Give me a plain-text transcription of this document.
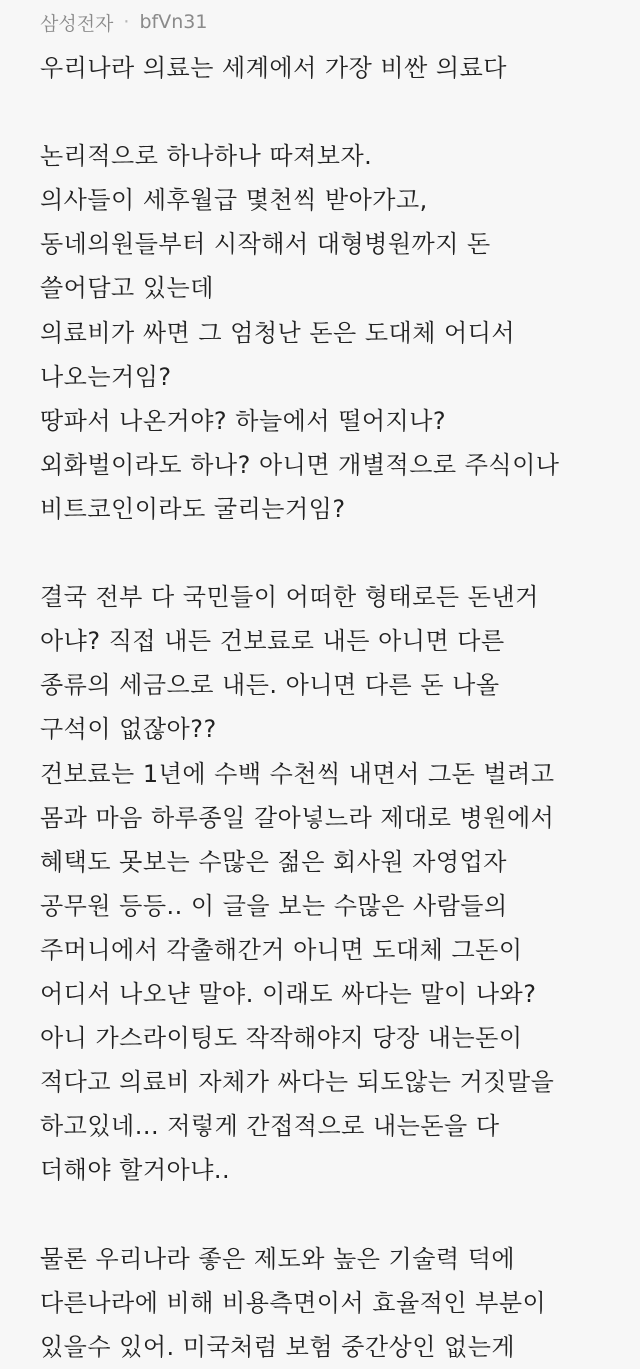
삼성전자 · bfVn31
우리나라 의료는 세계에서 가장 비싼 의료다
논리적으로 하나하나 따져보자.
의사들이 세후월급 몇천씩 받아가고,
동네의원들부터 시작해서 대형병원까지 돈
쓸어담고 있는데
의료비가 싸면 그 엄청난 돈은 도대체 어디서
나오는거임?
땅파서 나온거야? 하늘에서 떨어지나?
외화벌이라도 하나? 아니면 개별적으로 주식이나
비트코인이라도 굴리는거임?
결국 전부 다 국민들이 어떠한 형태로든 돈낸거
아냐? 직접 내든 건보료로 내든 아니면 다른
종류의 세금으로 내든. 아니면 다른 돈 나올
구석이 없잖아??
건보료는 1년에 수백 수천씩 내면서 그돈 벌려고
몸과 마음 하루종일 갈아넣느라 제대로 병원에서
혜택도 못보는 수많은 젊은 회사원 자영업자
공무원 등등.. 이 글을 보는 수많은 사람들의
주머니에서 각출해간거 아니면 도대체 그돈이
어디서 나오냔 말야. 이래도 싸다는 말이 나와?
아니 가스라이팅도 작작해야지 당장 내는돈이
적다고 의료비 자체가 싸다는 되도않는 거짓말을
하고있네... 저렇게 간접적으로 내는돈을 다
더해야 할거아냐..
물론 우리나라 좋은 제도와 높은 기술력 덕에
다른나라에 비해 비용측면이서 효율적인 부분이
있을수 있어. 미국처럼 보험 중간상인 없는게
